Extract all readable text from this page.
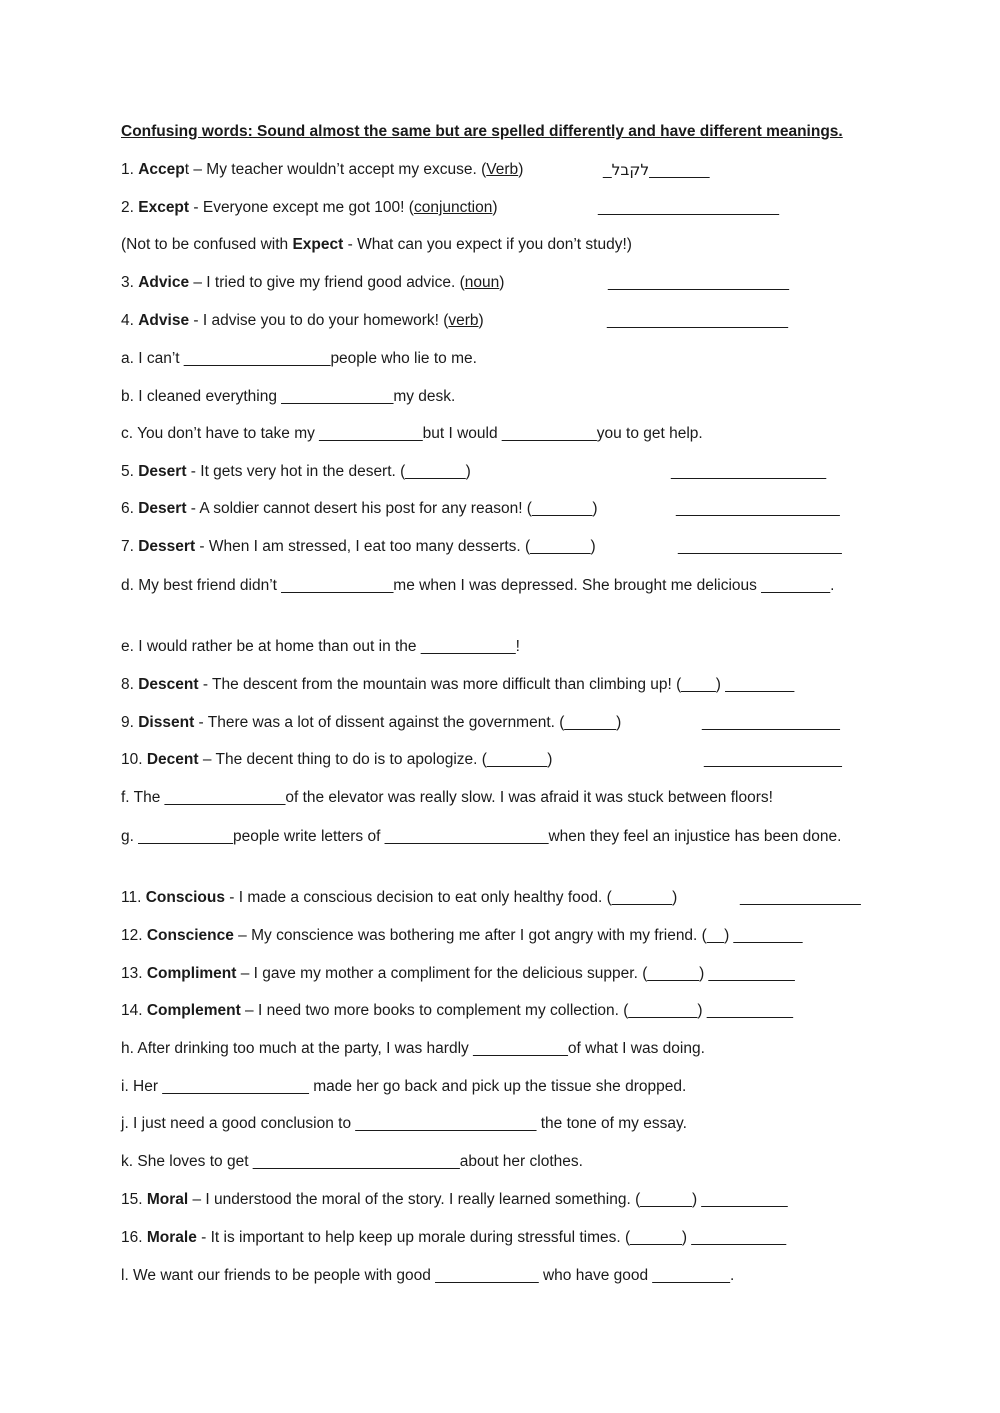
Confusing words: Sound almost the same but are spelled differently and have different meanings.
1. Accept – My teacher wouldn’t accept my excuse. (Verb)	_לקבל_______
2. Except - Everyone except me got 100! (conjunction)	_____________________
(Not to be confused with Expect - What can you expect if you don’t study!)
3. Advice – I tried to give my friend good advice. (noun)	_____________________
4. Advise - I advise you to do your homework! (verb)	_____________________
a. I can’t _________________people who lie to me.
b. I cleaned everything _____________my desk.
c. You don’t have to take my ____________but I would ___________you to get help.
5. Desert - It gets very hot in the desert. (_______)	__________________
6. Desert - A soldier cannot desert his post for any reason! (_______)	___________________
7. Dessert - When I am stressed, I eat too many desserts. (_______)	___________________
d. My best friend didn’t _____________me when I was depressed. She brought me delicious ________.
e. I would rather be at home than out in the ___________!
8. Descent - The descent from the mountain was more difficult than climbing up! (____) ________
9. Dissent - There was a lot of dissent against the government. (______)	________________
10. Decent – The decent thing to do is to apologize. (_______)	________________
f. The ______________of the elevator was really slow. I was afraid it was stuck between floors!
g. ___________people write letters of ___________________when they feel an injustice has been done.
11. Conscious - I made a conscious decision to eat only healthy food. (_______)	______________
12. Conscience – My conscience was bothering me after I got angry with my friend. (__) ________
13. Compliment – I gave my mother a compliment for the delicious supper. (______) __________
14. Complement – I need two more books to complement my collection. (________) __________
h. After drinking too much at the party, I was hardly ___________of what I was doing.
i. Her _________________ made her go back and pick up the tissue she dropped.
j. I just need a good conclusion to _____________________ the tone of my essay.
k. She loves to get ________________________about her clothes.
15. Moral – I understood the moral of the story. I really learned something. (______) __________
16. Morale - It is important to help keep up morale during stressful times. (______) ___________
l. We want our friends to be people with good ____________ who have good _________.
